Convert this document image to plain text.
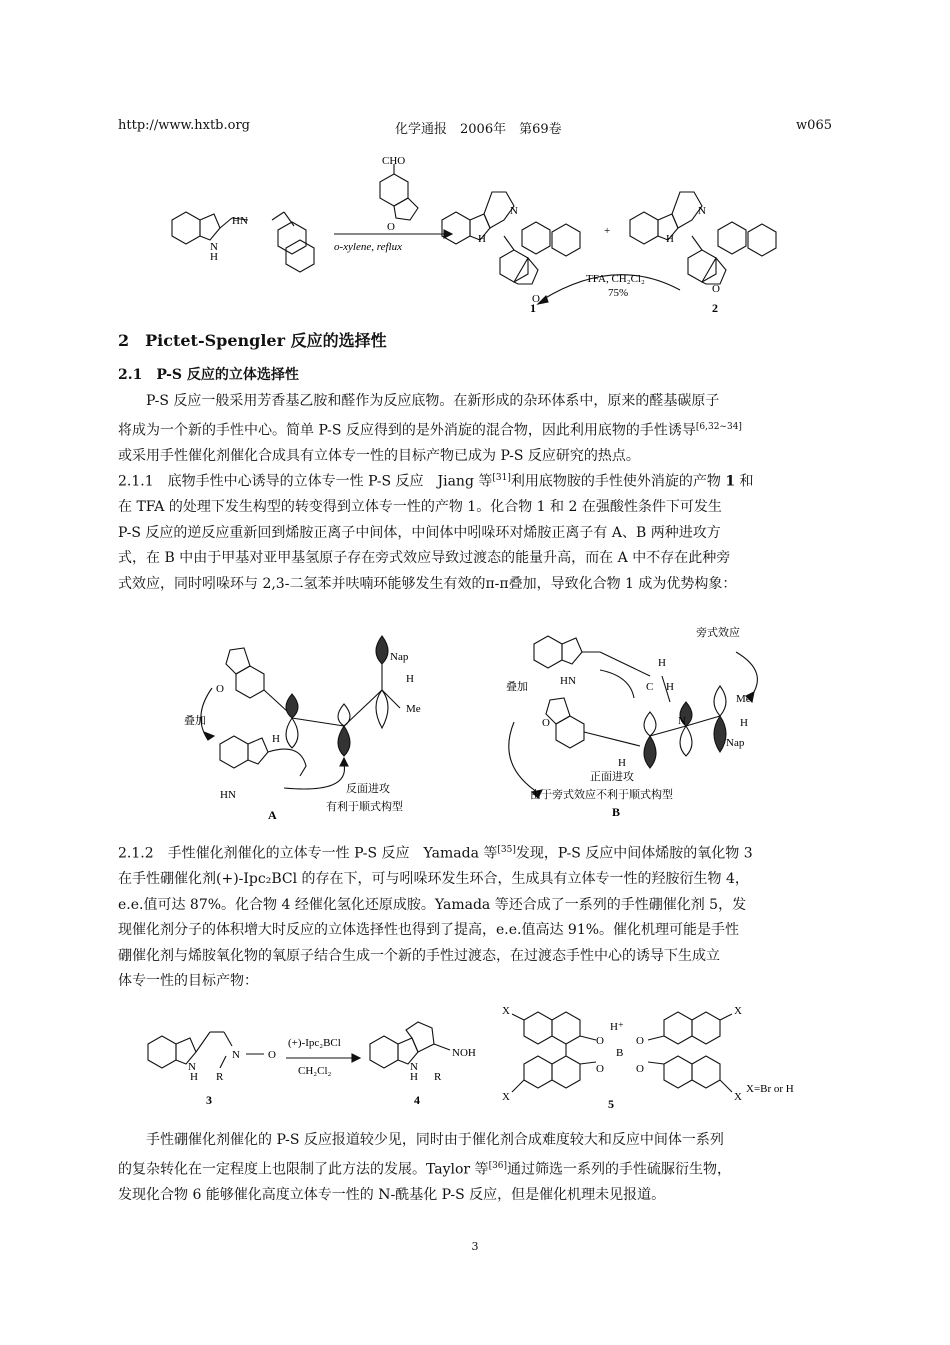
http://www.hxtb.org	化学通报　2006年　第69卷	w065
CHO
O
HN
N
H
o-xylene, reflux
H
N
O
+
H
N
O
TFA, CH₂Cl₂
75%
1	2
2　Pictet-Spengler 反应的选择性
2.1　P-S 反应的立体选择性
P-S 反应一般采用芳香基乙胺和醛作为反应底物。在新形成的杂环体系中，原来的醛基碳原子
将成为一个新的手性中心。简单 P-S 反应得到的是外消旋的混合物，因此利用底物的手性诱导[6,32~34]
或采用手性催化剂催化合成具有立体专一性的目标产物已成为 P-S 反应研究的热点。
2.1.1　底物手性中心诱导的立体专一性 P-S 反应　Jiang 等[31]利用底物胺的手性使外消旋的产物 1 和
在 TFA 的处理下发生构型的转变得到立体专一性的产物 1。化合物 1 和 2 在强酸性条件下可发生
P-S 反应的逆反应重新回到烯胺正离子中间体，中间体中吲哚环对烯胺正离子有 A、B 两种进攻方
式，在 B 中由于甲基对亚甲基氢原子存在旁式效应导致过渡态的能量升高，而在 A 中不存在此种旁
式效应，同时吲哚环与 2,3-二氢苯并呋喃环能够发生有效的π-π叠加，导致化合物 1 成为优势构象：
Nap
H
Me
O
H
HN
叠加
反面进攻
有利于顺式构型
A
叠加	HN
旁式效应
H
C H
N
Me
H
Nap
O
H
正面进攻
由于旁式效应不利于顺式构型
B
2.1.2　手性催化剂催化的立体专一性 P-S 反应　Yamada 等[35]发现，P-S 反应中间体烯胺的氧化物 3
在手性硼催化剂(+)-Ipc₂BCl 的存在下，可与吲哚环发生环合，生成具有立体专一性的羟胺衍生物 4，
e.e.值可达 87%。化合物 4 经催化氢化还原成胺。Yamada 等还合成了一系列的手性硼催化剂 5，发
现催化剂分子的体积增大时反应的立体选择性也得到了提高，e.e.值高达 91%。催化机理可能是手性
硼催化剂与烯胺氧化物的氧原子结合生成一个新的手性过渡态，在过渡态手性中心的诱导下生成立
体专一性的目标产物：
H
N
N	O
R
(+)-Ipc₂BCl
CH₂Cl₂	N
H R
NOH
H⁺
O	O
B
O	O
X	X
X	X
X=Br or H
3	4	5
手性硼催化剂催化的 P-S 反应报道较少见，同时由于催化剂合成难度较大和反应中间体一系列
的复杂转化在一定程度上也限制了此方法的发展。Taylor 等[36]通过筛选一系列的手性硫脲衍生物，
发现化合物 6 能够催化高度立体专一性的 N-酰基化 P-S 反应，但是催化机理未见报道。
3
